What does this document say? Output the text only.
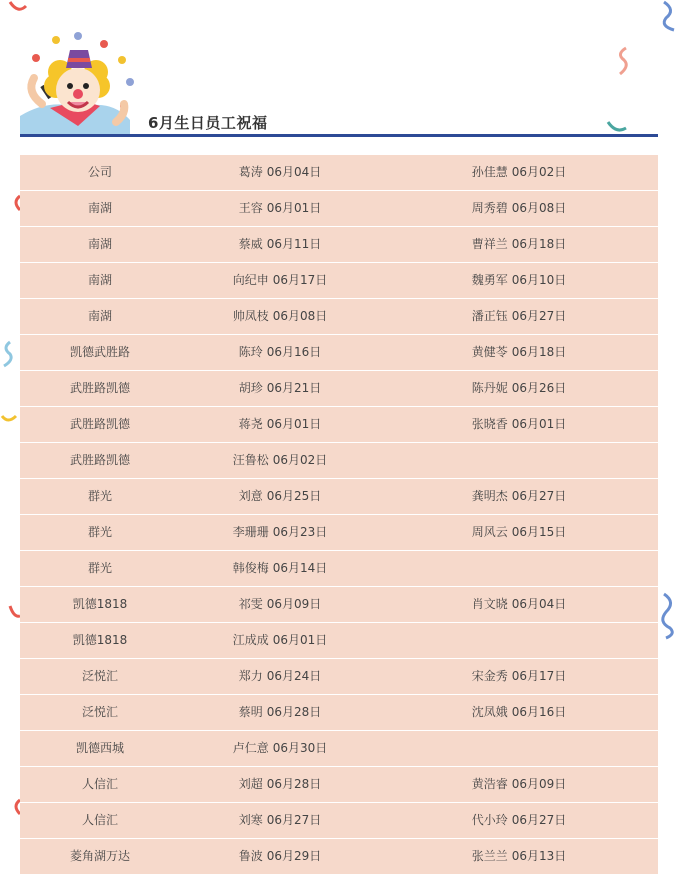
6月生日员工祝福
公司	葛涛 06月04日	孙佳慧 06月02日
南湖	王容 06月01日	周秀碧 06月08日
南湖	蔡威 06月11日	曹祥兰 06月18日
南湖	向纪申 06月17日	魏勇军 06月10日
南湖	帅凤枝 06月08日	潘正钰 06月27日
凯德武胜路	陈玲 06月16日	黄健苓 06月18日
武胜路凯德	胡珍 06月21日	陈丹妮 06月26日
武胜路凯德	蒋尧 06月01日	张晓香 06月01日
武胜路凯德	汪鲁松 06月02日
群光	刘意 06月25日	龚明杰 06月27日
群光	李珊珊 06月23日	周风云 06月15日
群光	韩俊梅 06月14日
凯德1818	祁雯 06月09日	肖文晓 06月04日
凯德1818	江成成 06月01日
泛悦汇	郑力 06月24日	宋金秀 06月17日
泛悦汇	蔡明 06月28日	沈凤娥 06月16日
凯德西城	卢仁意 06月30日
人信汇	刘超 06月28日	黄浩睿 06月09日
人信汇	刘寒 06月27日	代小玲 06月27日
菱角湖万达	鲁波 06月29日	张兰兰 06月13日
